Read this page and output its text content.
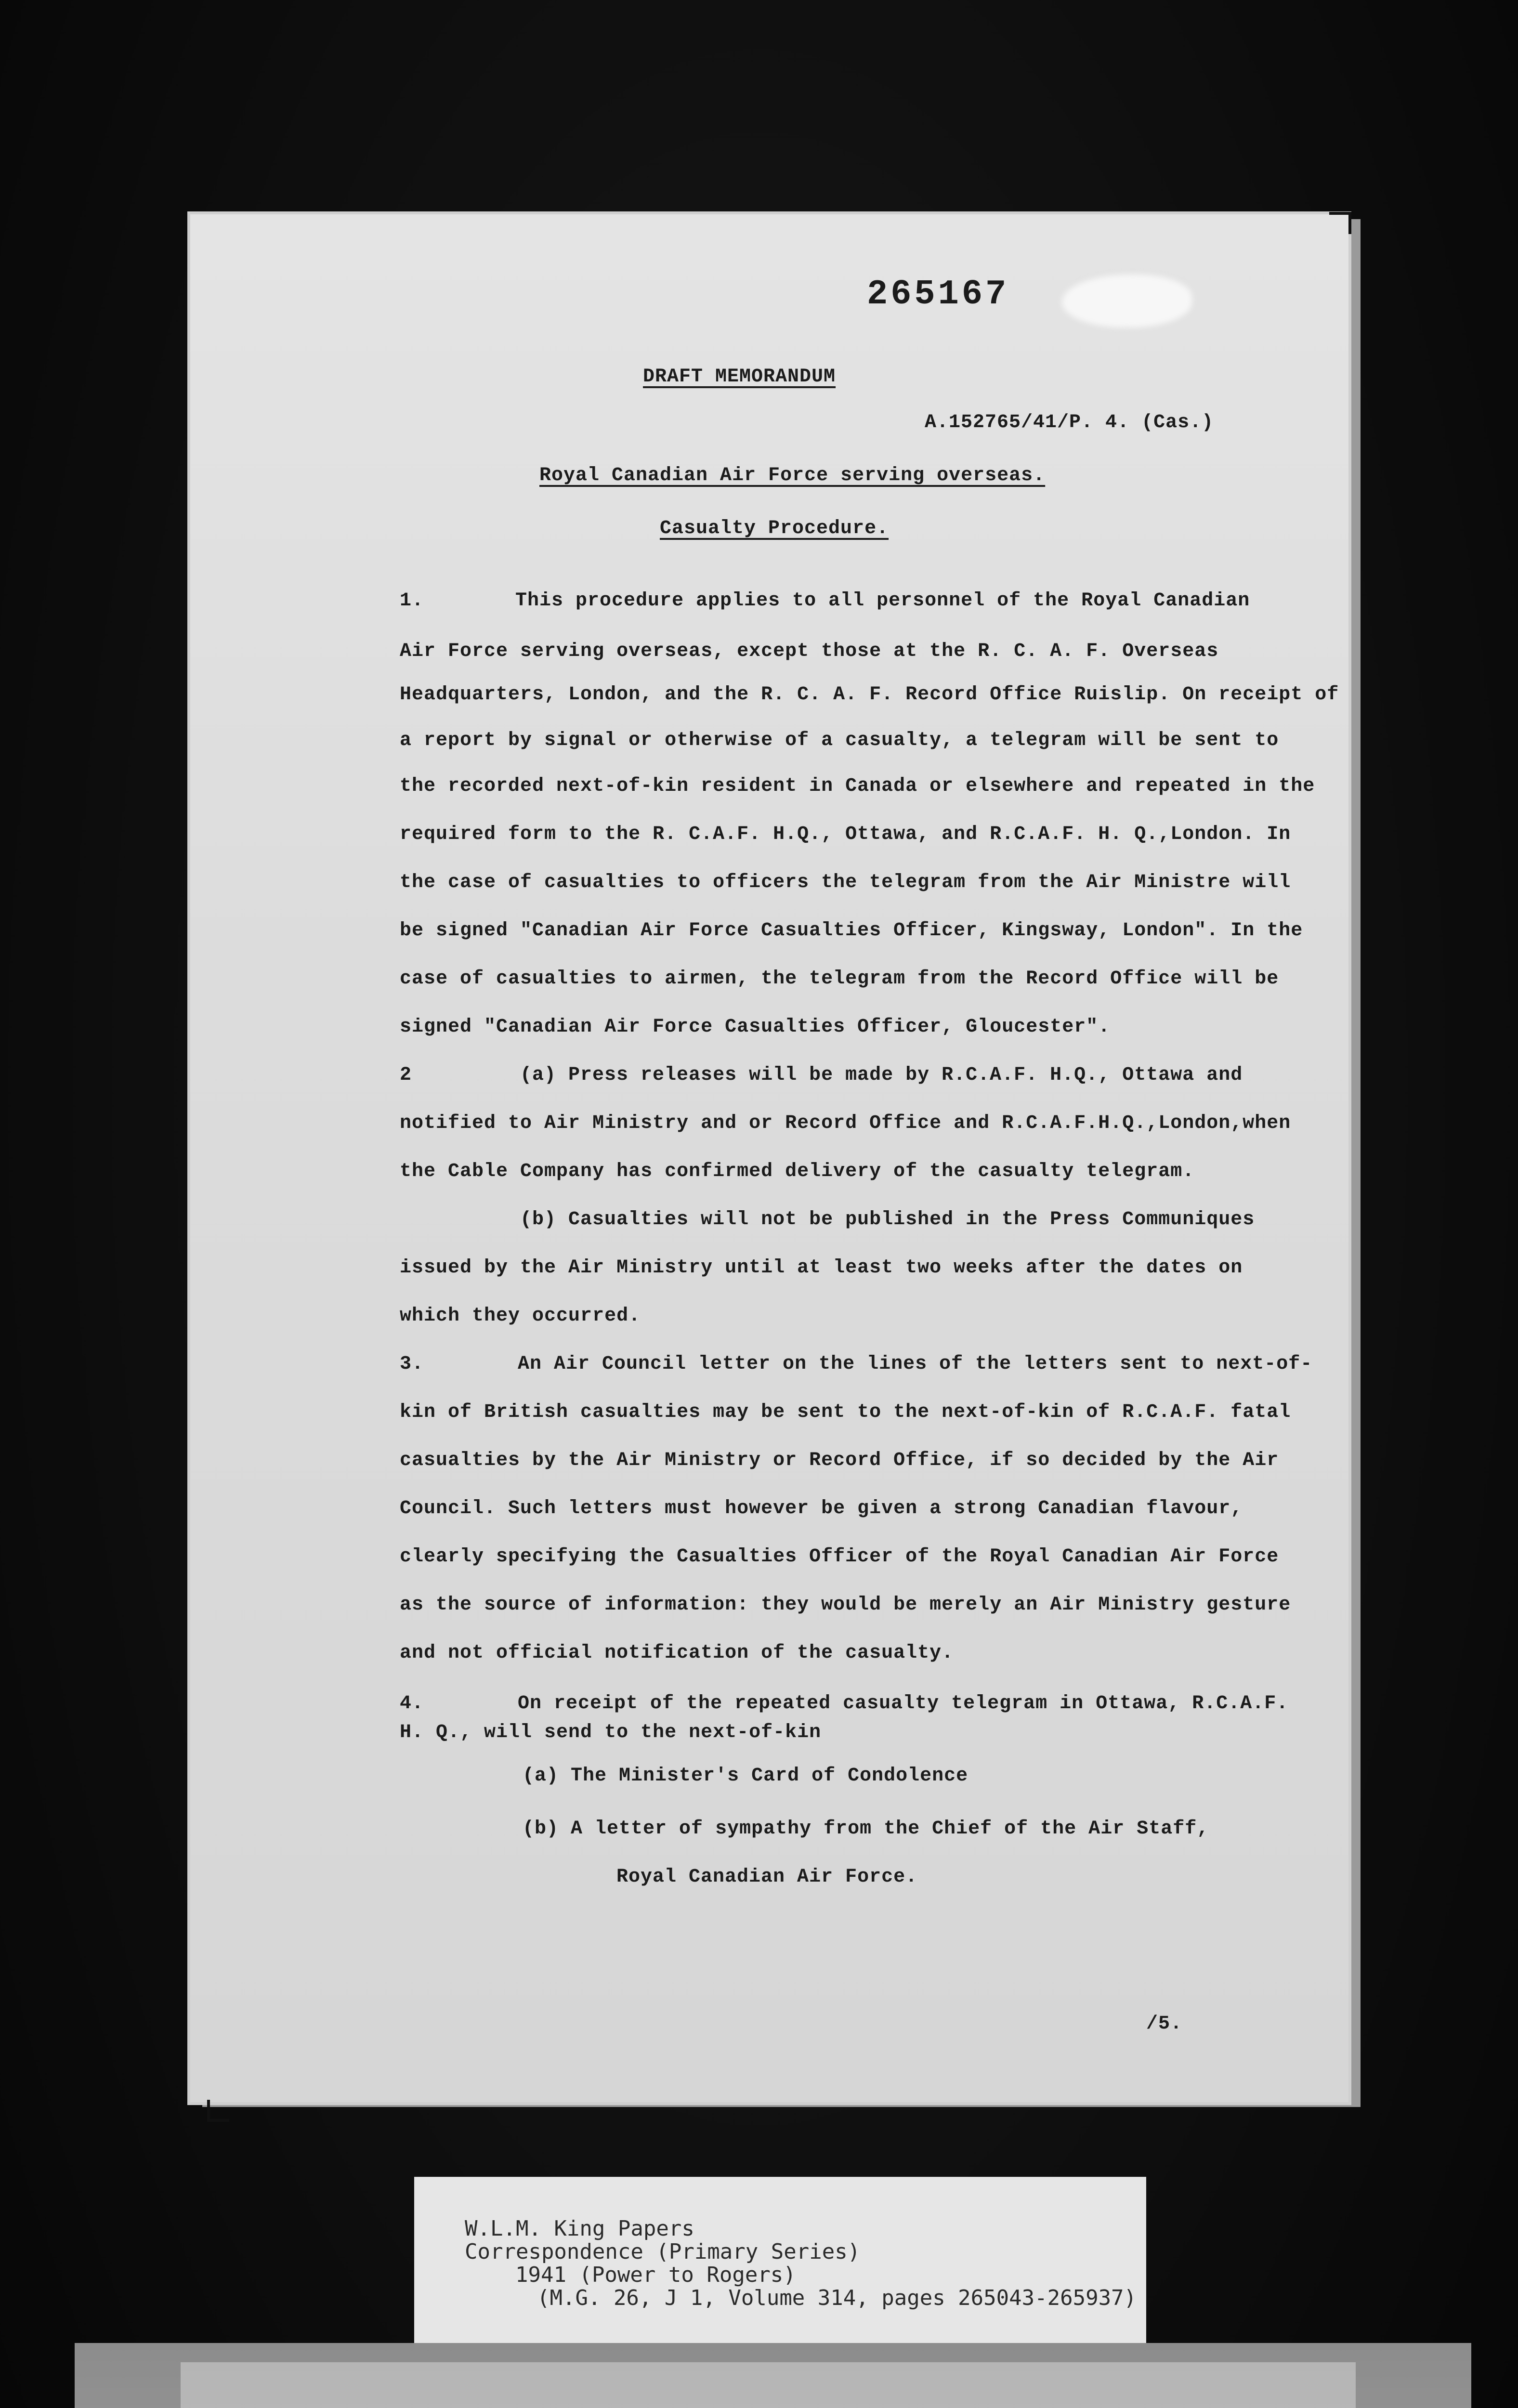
265167
DRAFT MEMORANDUM
A.152765/41/P. 4. (Cas.)
Royal Canadian Air Force serving overseas.
Casualty Procedure.
1.	This procedure applies to all personnel of the Royal Canadian
Air Force serving overseas, except those at the R. C. A. F. Overseas
Headquarters, London, and the R. C. A. F. Record Office Ruislip. On receipt of
a report by signal or otherwise of a casualty, a telegram will be sent to
the recorded next-of-kin resident in Canada or elsewhere and repeated in the
required form to the R. C.A.F. H.Q., Ottawa, and R.C.A.F. H. Q.,London. In
the case of casualties to officers the telegram from the Air Ministre will
be signed "Canadian Air Force Casualties Officer, Kingsway, London". In the
case of casualties to airmen, the telegram from the Record Office will be
signed "Canadian Air Force Casualties Officer, Gloucester".
2	(a) Press releases will be made by R.C.A.F. H.Q., Ottawa and
notified to Air Ministry and or Record Office and R.C.A.F.H.Q.,London,when
the Cable Company has confirmed delivery of the casualty telegram.
(b) Casualties will not be published in the Press Communiques
issued by the Air Ministry until at least two weeks after the dates on
which they occurred.
3.	An Air Council letter on the lines of the letters sent to next-of-
kin of British casualties may be sent to the next-of-kin of R.C.A.F. fatal
casualties by the Air Ministry or Record Office, if so decided by the Air
Council. Such letters must however be given a strong Canadian flavour,
clearly specifying the Casualties Officer of the Royal Canadian Air Force
as the source of information: they would be merely an Air Ministry gesture
and not official notification of the casualty.
4.	On receipt of the repeated casualty telegram in Ottawa, R.C.A.F.
H. Q., will send to the next-of-kin
(a) The Minister's Card of Condolence
(b) A letter of sympathy from the Chief of the Air Staff,
Royal Canadian Air Force.
/5.
W.L.M. King Papers
Correspondence (Primary Series)
1941 (Power to Rogers)
(M.G. 26, J 1, Volume 314, pages 265043-265937)
